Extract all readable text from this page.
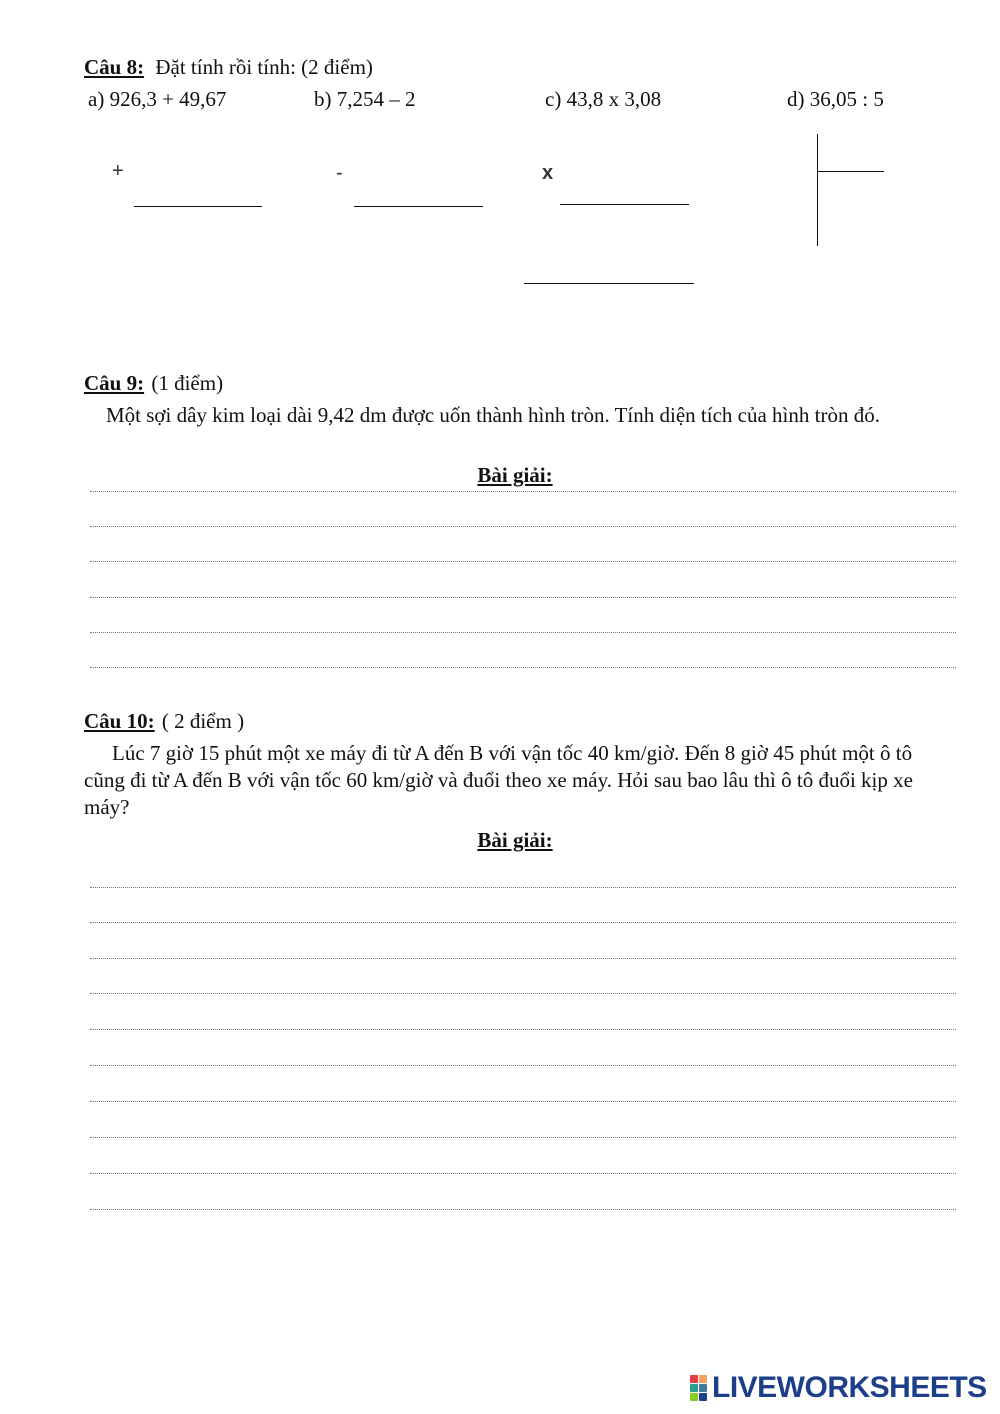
Câu 8: Đặt tính rồi tính: (2 điểm)
a) 926,3 + 49,67	b) 7,254 – 2	c) 43,8 x 3,08	d) 36,05 : 5
+	-	x
Câu 9: (1 điểm)
Một sợi dây kim loại dài 9,42 dm được uốn thành hình tròn. Tính diện tích của hình tròn đó.
Bài giải:
Câu 10: ( 2 điểm )
Lúc 7 giờ 15 phút một xe máy đi từ A đến B với vận tốc 40 km/giờ. Đến 8 giờ 45 phút một ô tô cũng đi từ A đến B với vận tốc 60 km/giờ và đuổi theo xe máy. Hỏi sau bao lâu thì ô tô đuổi kịp xe máy?
Bài giải:
LIVEWORKSHEETS
